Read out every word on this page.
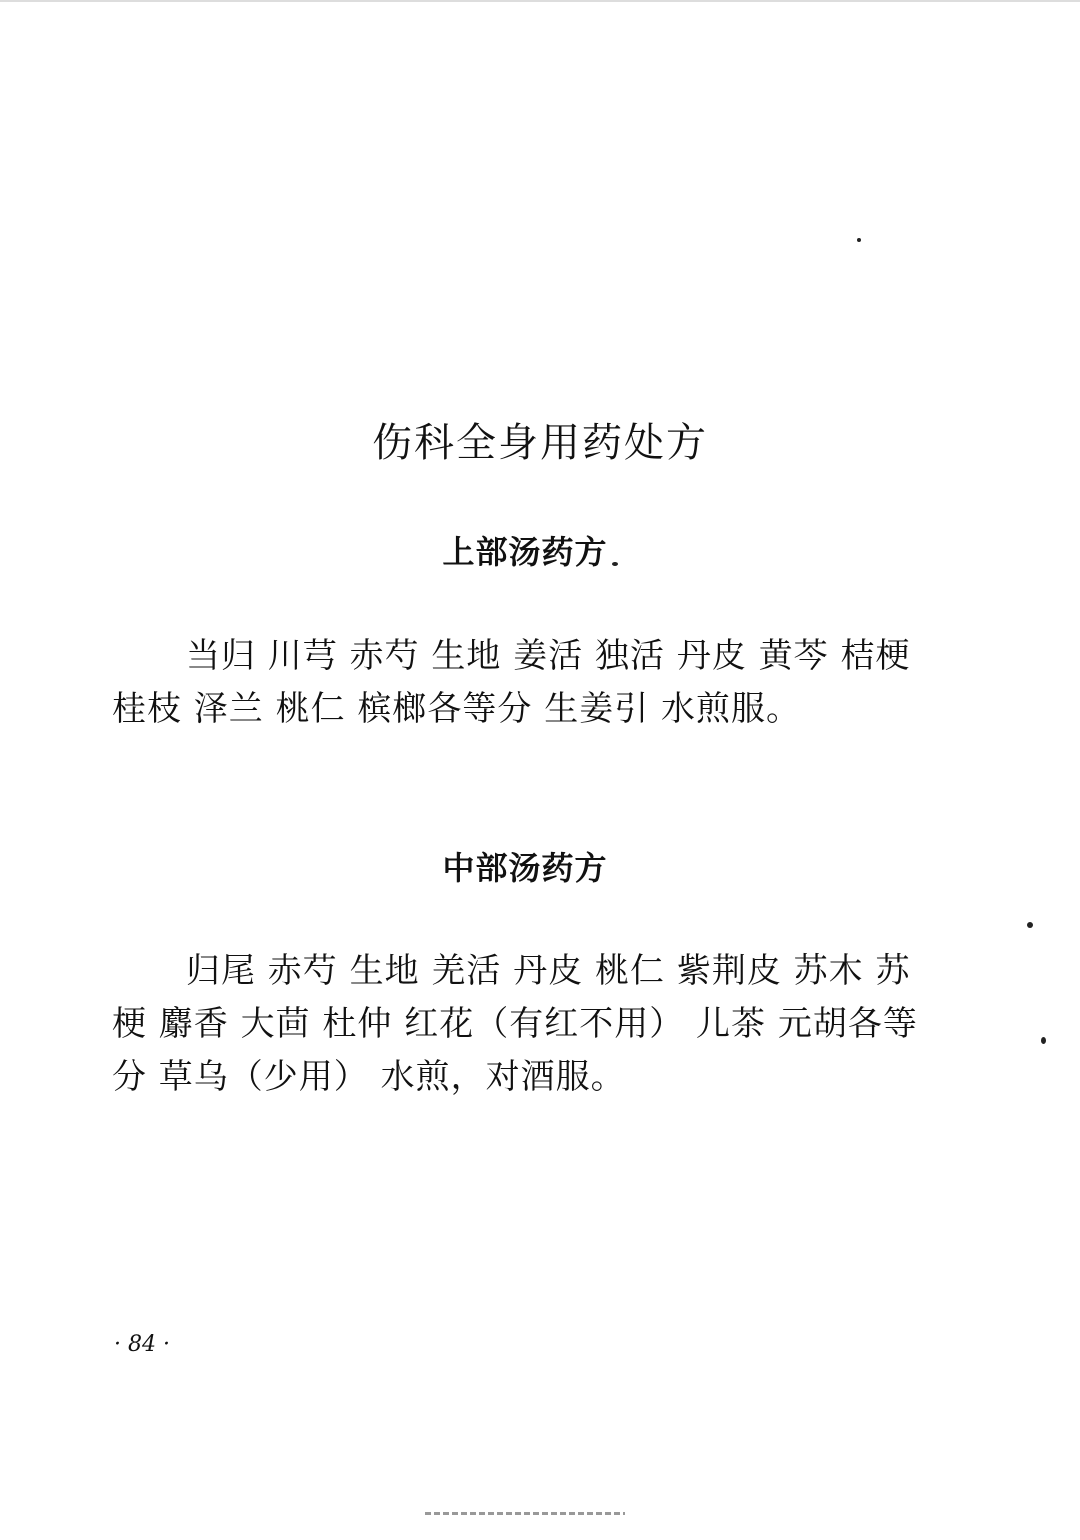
伤科全身用药处方
上部汤药方
当归 川芎 赤芍 生地 姜活 独活 丹皮 黄芩 桔梗 桂枝 泽兰 桃仁 槟榔各等分 生姜引 水煎服。
中部汤药方
归尾 赤芍 生地 羌活 丹皮 桃仁 紫荆皮 苏木 苏梗 麝香 大茴 杜仲 红花（有红不用） 儿茶 元胡各等分 草乌（少用） 水煎，对酒服。
· 84 ·
